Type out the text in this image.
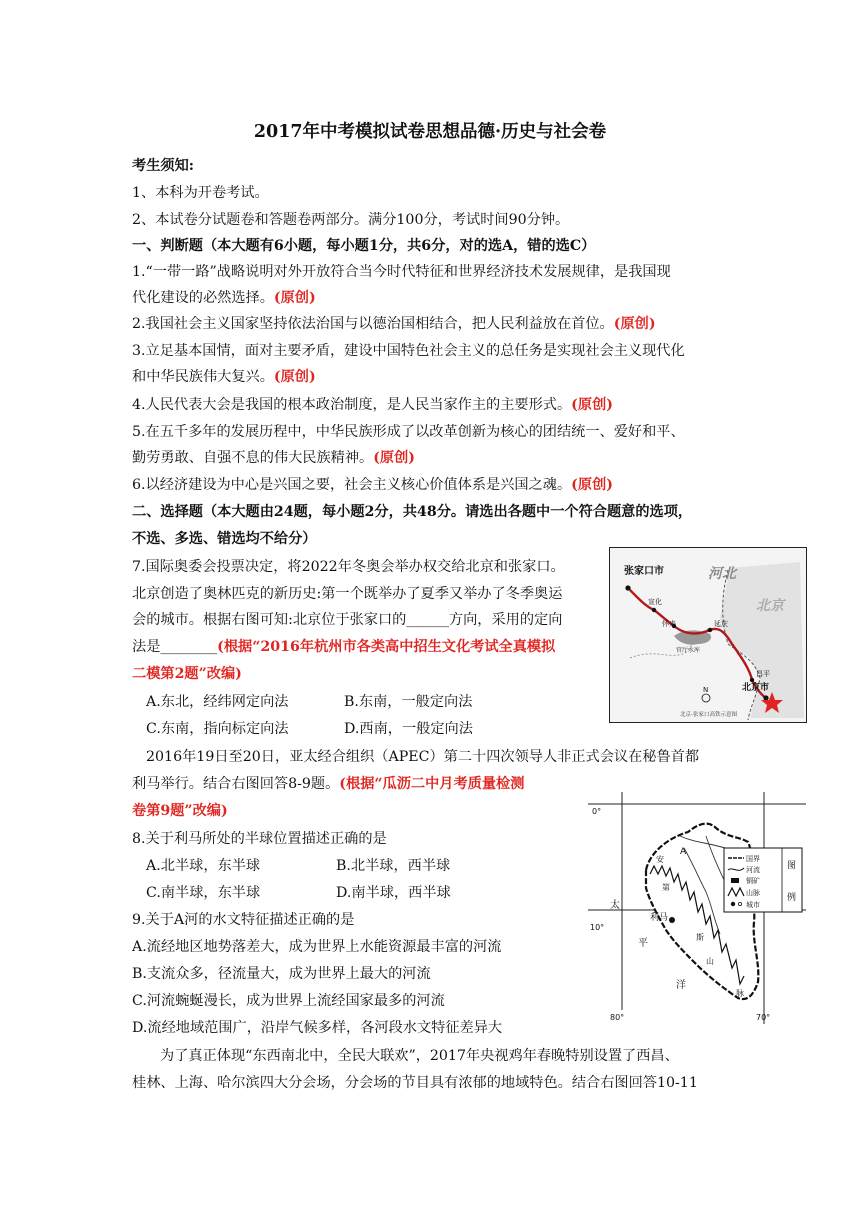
2017年中考模拟试卷思想品德·历史与社会卷
考生须知:
1、本科为开卷考试。
2、本试卷分试题卷和答题卷两部分。满分100分，考试时间90分钟。
一、判断题（本大题有6小题，每小题1分，共6分，对的选A，错的选C）
1.“一带一路”战略说明对外开放符合当今时代特征和世界经济技术发展规律，是我国现
代化建设的必然选择。(原创)
2.我国社会主义国家坚持依法治国与以德治国相结合，把人民利益放在首位。(原创)
3.立足基本国情，面对主要矛盾，建设中国特色社会主义的总任务是实现社会主义现代化
和中华民族伟大复兴。(原创)
4.人民代表大会是我国的根本政治制度，是人民当家作主的主要形式。(原创)
5.在五千多年的发展历程中，中华民族形成了以改革创新为核心的团结统一、爱好和平、
勤劳勇敢、自强不息的伟大民族精神。(原创)
6.以经济建设为中心是兴国之要，社会主义核心价值体系是兴国之魂。(原创)
二、选择题（本大题由24题，每小题2分，共48分。请选出各题中一个符合题意的选项，
不选、多选、错选均不给分）
7.国际奥委会投票决定，将2022年冬奥会举办权交给北京和张家口。
北京创造了奥林匹克的新历史:第一个既举办了夏季又举办了冬季奥运
会的城市。根据右图可知:北京位于张家口的______方向，采用的定向
法是________(根据“2016年杭州市各类高中招生文化考试全真模拟
二模第2题”改编)
A.东北，经纬网定向法	B.东南，一般定向法
C.东南，指向标定向法	D.西南，一般定向法
2016年19日至20日，亚太经合组织（APEC）第二十四次领导人非正式会议在秘鲁首都
利马举行。结合右图回答8-9题。(根据“瓜沥二中月考质量检测
卷第9题”改编)
8.关于利马所处的半球位置描述正确的是
A.北半球，东半球	B.北半球，西半球
C.南半球，东半球	D.南半球，西半球
9.关于A河的水文特征描述正确的是
A.流经地区地势落差大，成为世界上水能资源最丰富的河流
B.支流众多，径流量大，成为世界上最大的河流
C.河流蜿蜒漫长，成为世界上流经国家最多的河流
D.流经地域范围广，沿岸气候多样，各河段水文特征差异大
为了真正体现“东西南北中，全民大联欢”，2017年央视鸡年春晚特别设置了西昌、
桂林、上海、哈尔滨四大分会场，分会场的节目具有浓郁的地域特色。结合右图回答10-11
张家口市	河北
宣化
怀来	延庆
官厅水库
北京
昌平
北京市
N
北京-张家口高铁示意图
0°
10°
80°	70°
利马
A
太
平
洋
安
第
斯
山
脉
图
例
国界
河流
铜矿
山脉
城市
